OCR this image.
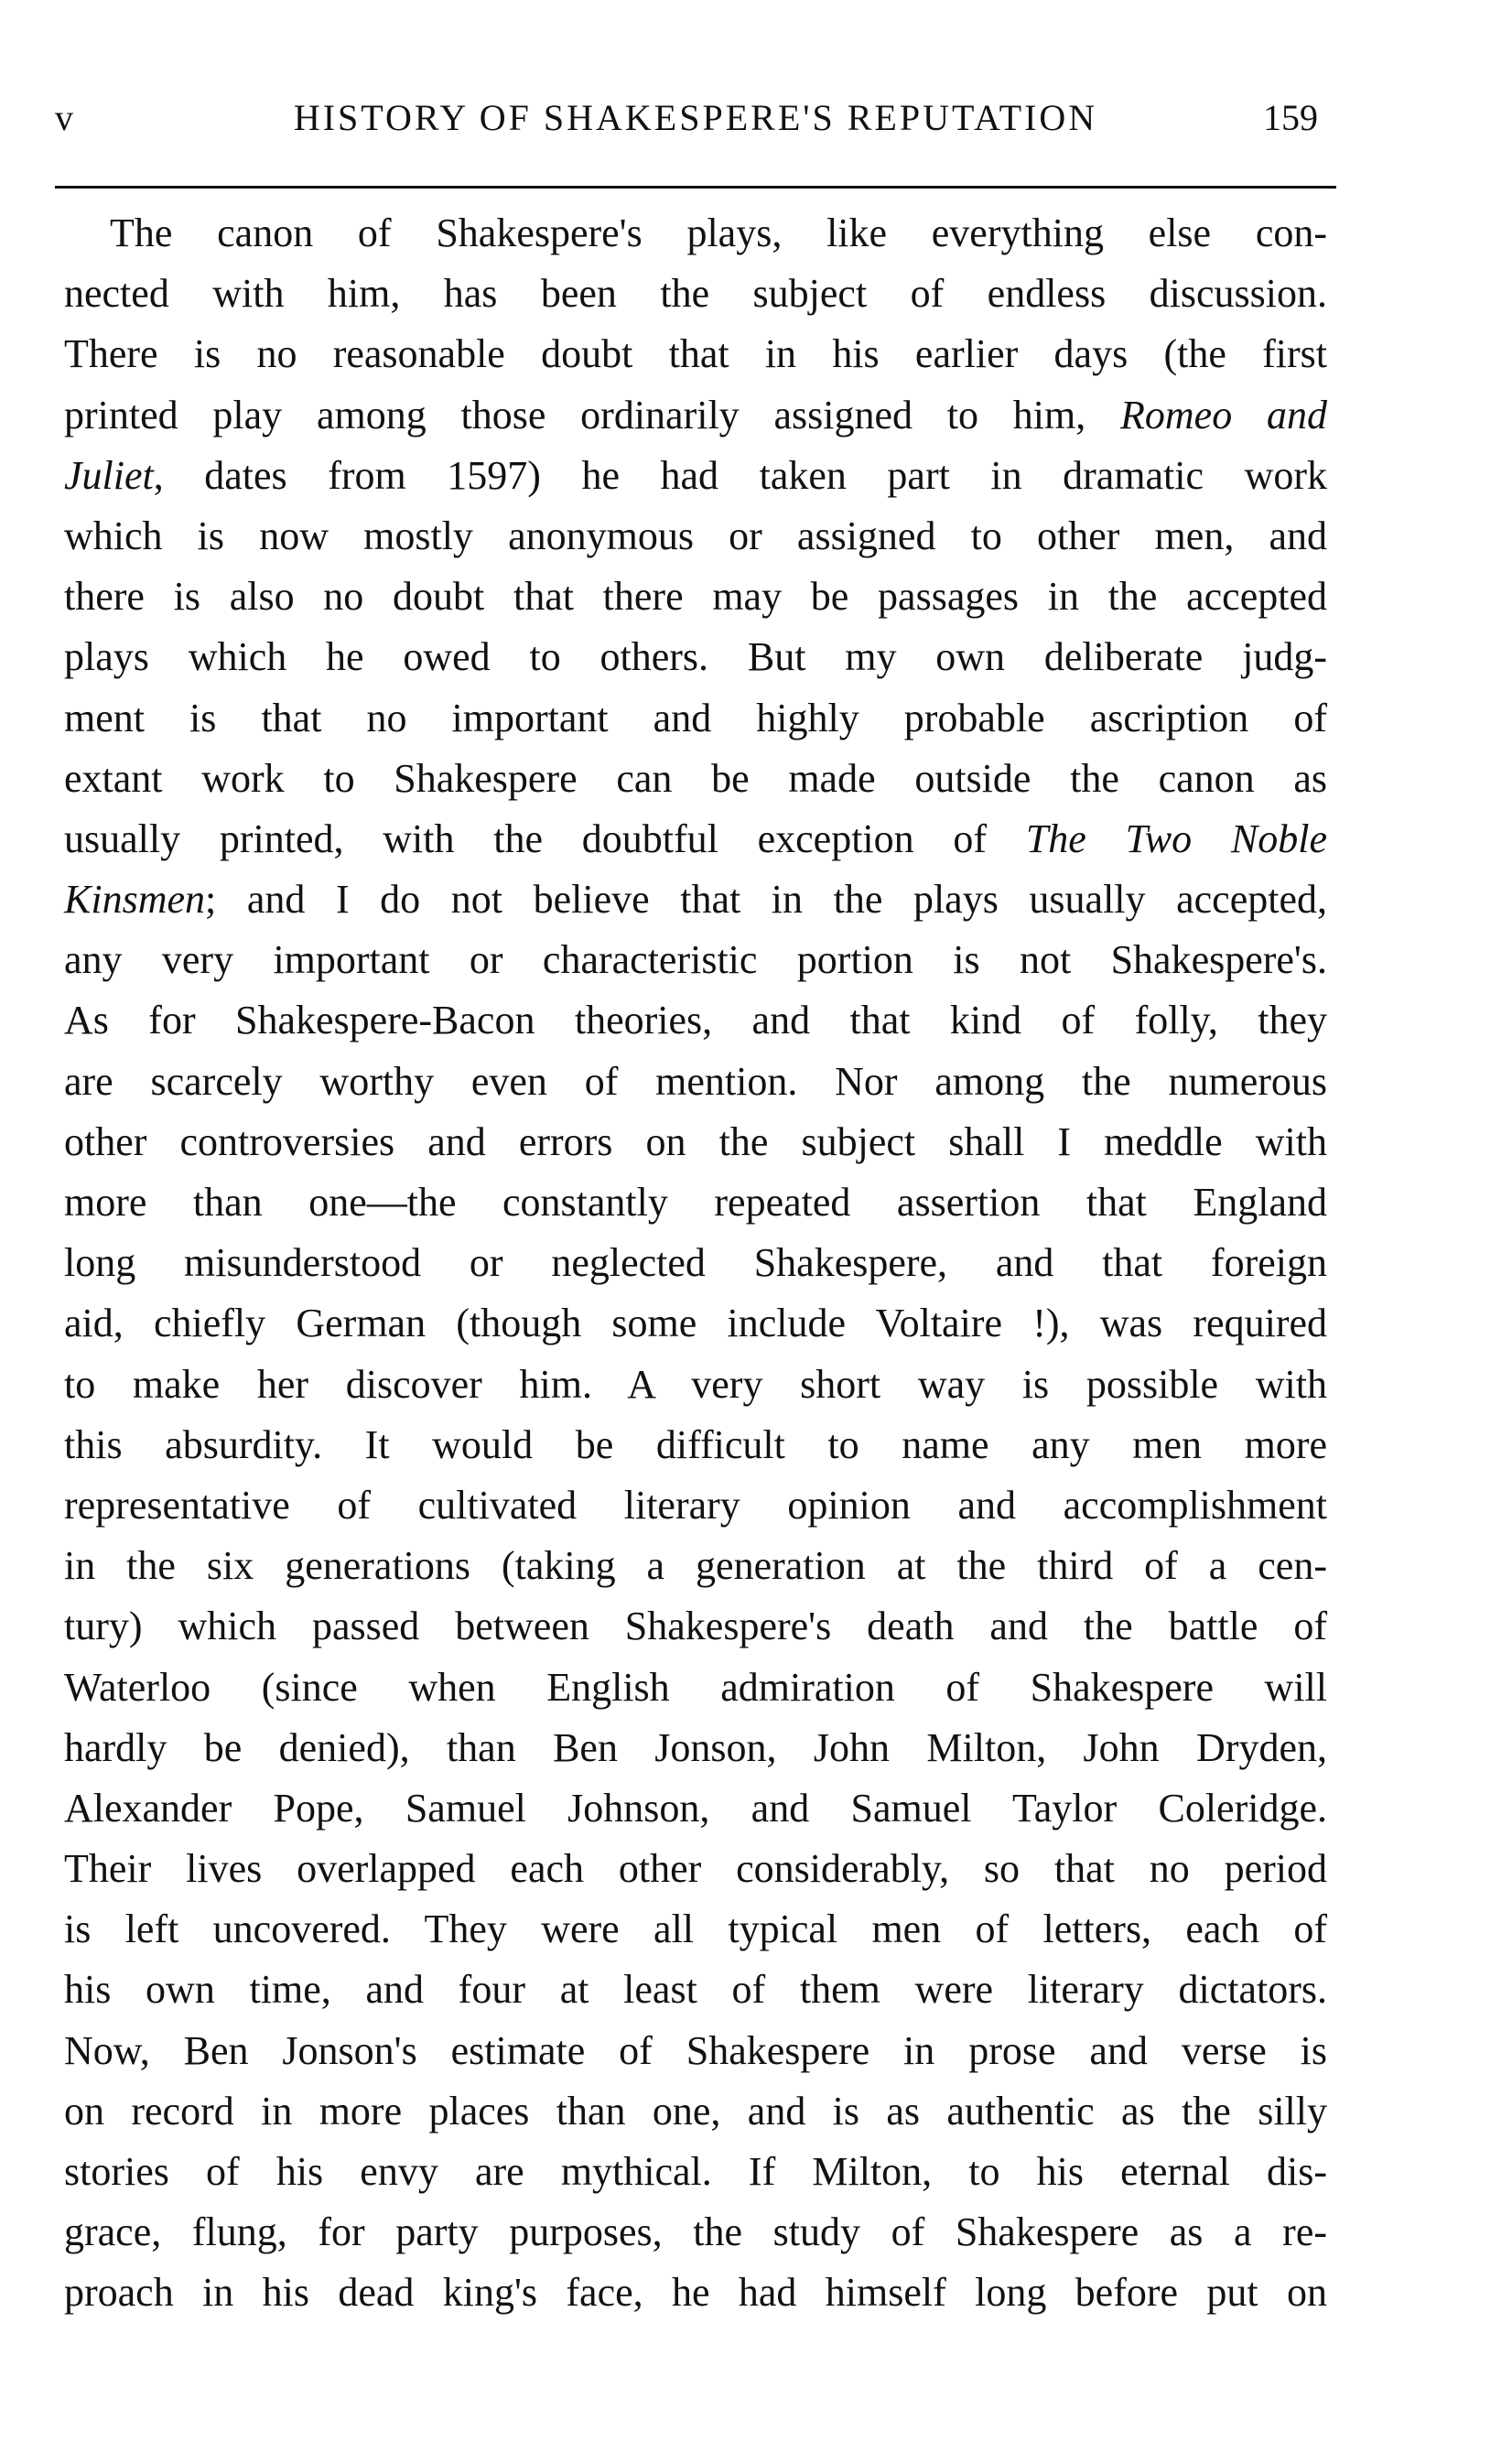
v	HISTORY OF SHAKESPERE'S REPUTATION	159
The canon of Shakespere's plays, like everything else con-
nected with him, has been the subject of endless discussion.
There is no reasonable doubt that in his earlier days (the first
printed play among those ordinarily assigned to him, Romeo and
Juliet, dates from 1597) he had taken part in dramatic work
which is now mostly anonymous or assigned to other men, and
there is also no doubt that there may be passages in the accepted
plays which he owed to others. But my own deliberate judg-
ment is that no important and highly probable ascription of
extant work to Shakespere can be made outside the canon as
usually printed, with the doubtful exception of The Two Noble
Kinsmen; and I do not believe that in the plays usually accepted,
any very important or characteristic portion is not Shakespere's.
As for Shakespere-Bacon theories, and that kind of folly, they
are scarcely worthy even of mention. Nor among the numerous
other controversies and errors on the subject shall I meddle with
more than one—the constantly repeated assertion that England
long misunderstood or neglected Shakespere, and that foreign
aid, chiefly German (though some include Voltaire !), was required
to make her discover him. A very short way is possible with
this absurdity. It would be difficult to name any men more
representative of cultivated literary opinion and accomplishment
in the six generations (taking a generation at the third of a cen-
tury) which passed between Shakespere's death and the battle of
Waterloo (since when English admiration of Shakespere will
hardly be denied), than Ben Jonson, John Milton, John Dryden,
Alexander Pope, Samuel Johnson, and Samuel Taylor Coleridge.
Their lives overlapped each other considerably, so that no period
is left uncovered. They were all typical men of letters, each of
his own time, and four at least of them were literary dictators.
Now, Ben Jonson's estimate of Shakespere in prose and verse is
on record in more places than one, and is as authentic as the silly
stories of his envy are mythical. If Milton, to his eternal dis-
grace, flung, for party purposes, the study of Shakespere as a re-
proach in his dead king's face, he had himself long before put on
